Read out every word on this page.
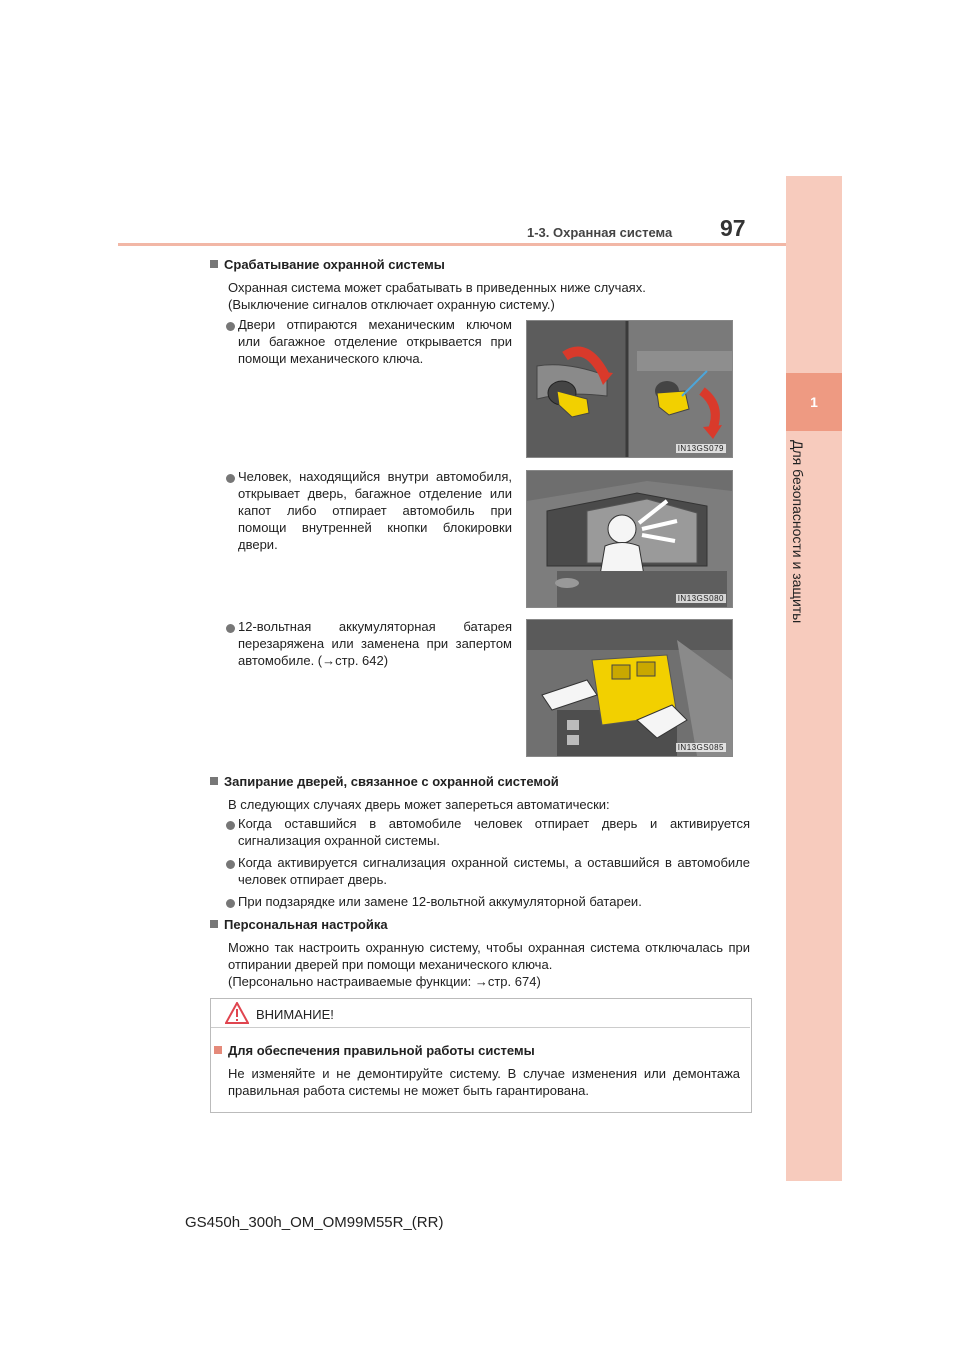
1
Для безопасности и защиты
1-3. Охранная система 97
Срабатывание охранной системы
Охранная система может срабатывать в приведенных ниже случаях. (Выключение сигналов отключает охранную систему.)
Двери отпираются механическим ключом или багажное отделение открывается при помощи механического ключа.
IN13GS079
Человек, находящийся внутри автомобиля, открывает дверь, багажное отделение или капот либо отпирает автомобиль при помощи внутренней кнопки блокировки двери.
IN13GS080
12-вольтная аккумуляторная батарея перезаряжена или заменена при запертом автомобиле. (→стр. 642)
IN13GS085
Запирание дверей, связанное с охранной системой
В следующих случаях дверь может запереться автоматически:
Когда оставшийся в автомобиле человек отпирает дверь и активируется сигнализация охранной системы.
Когда активируется сигнализация охранной системы, а оставшийся в автомобиле человек отпирает дверь.
При подзарядке или замене 12-вольтной аккумуляторной батареи.
Персональная настройка
Можно так настроить охранную систему, чтобы охранная система отключалась при отпирании дверей при помощи механического ключа.
(Персонально настраиваемые функции: →стр. 674)
ВНИМАНИЕ!
Для обеспечения правильной работы системы
Не изменяйте и не демонтируйте систему. В случае изменения или демонтажа правильная работа системы не может быть гарантирована.
GS450h_300h_OM_OM99M55R_(RR)
